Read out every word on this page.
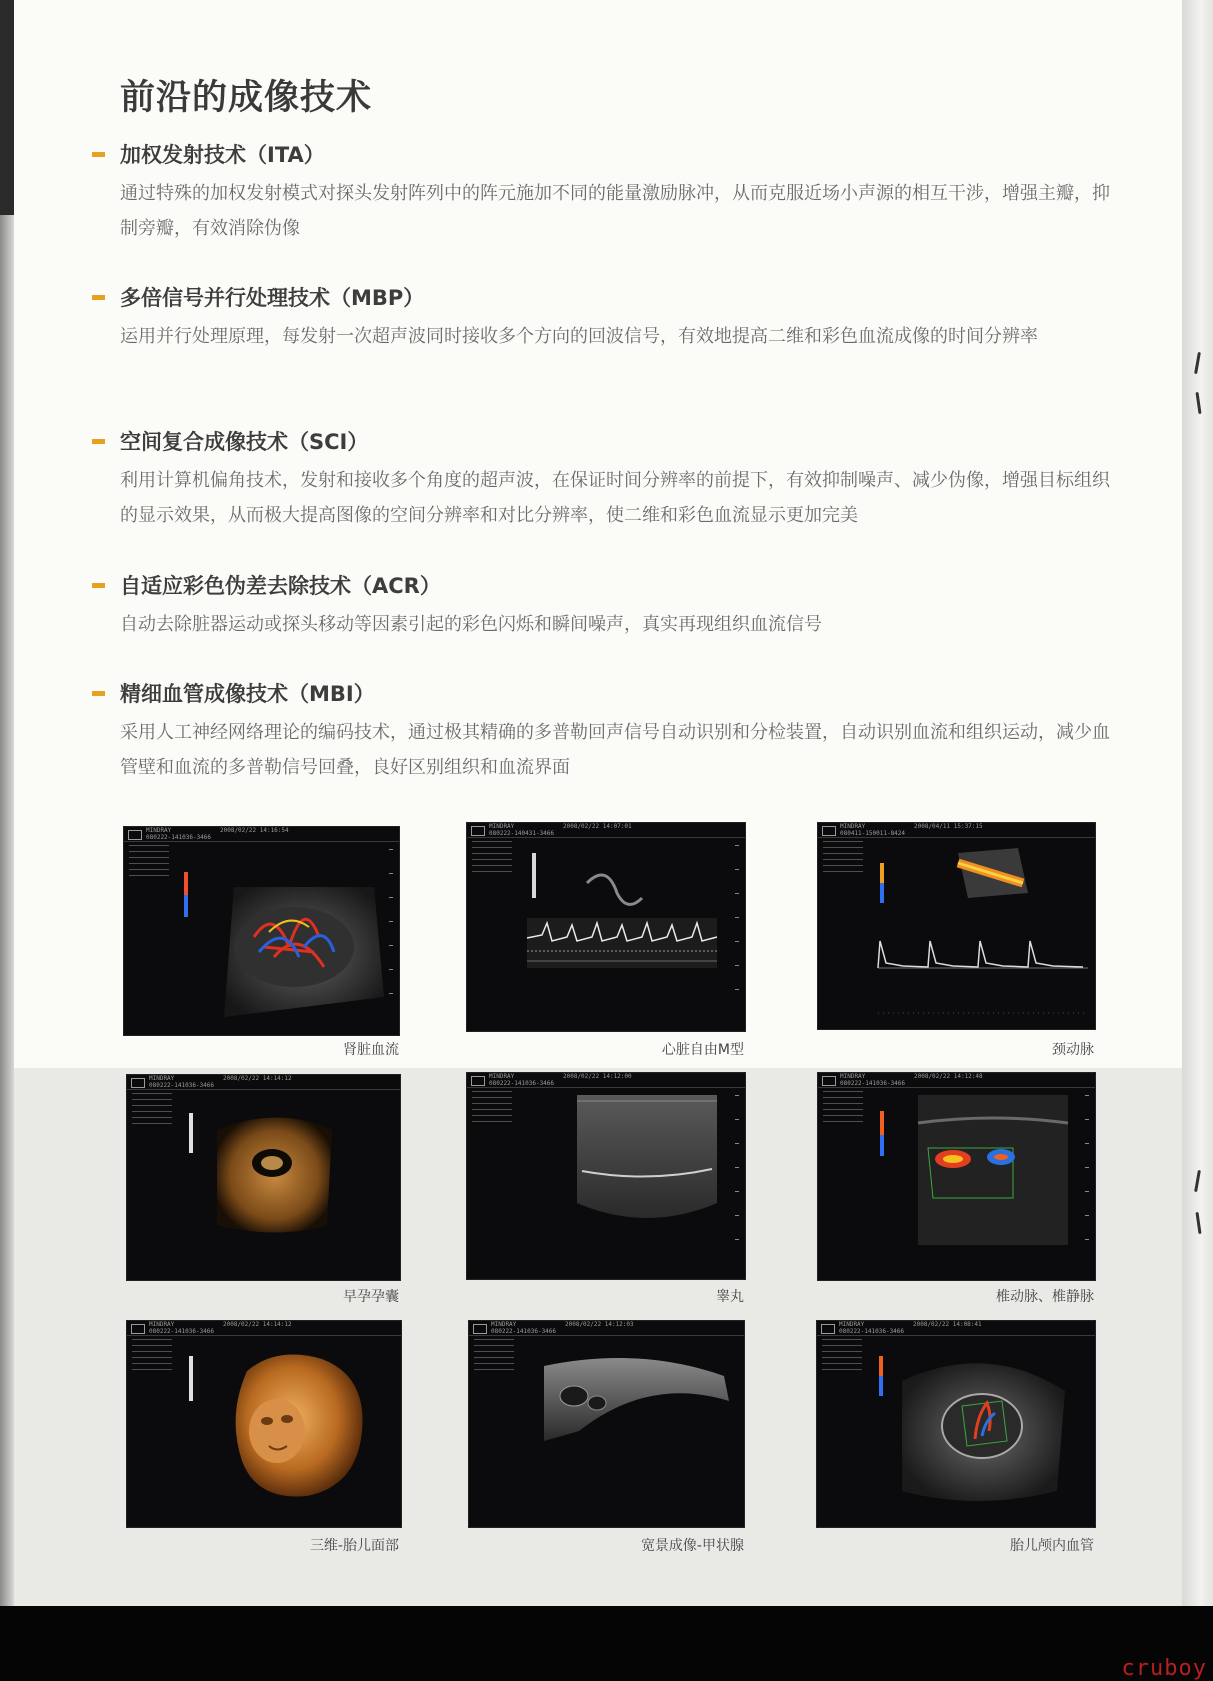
前沿的成像技术
加权发射技术（ITA）
通过特殊的加权发射模式对探头发射阵列中的阵元施加不同的能量激励脉冲，从而克服近场小声源的相互干涉，增强主瓣，抑制旁瓣，有效消除伪像
多倍信号并行处理技术（MBP）
运用并行处理原理，每发射一次超声波同时接收多个方向的回波信号，有效地提高二维和彩色血流成像的时间分辨率
空间复合成像技术（SCI）
利用计算机偏角技术，发射和接收多个角度的超声波，在保证时间分辨率的前提下，有效抑制噪声、减少伪像，增强目标组织的显示效果，从而极大提高图像的空间分辨率和对比分辨率，使二维和彩色血流显示更加完美
自适应彩色伪差去除技术（ACR）
自动去除脏器运动或探头移动等因素引起的彩色闪烁和瞬间噪声，真实再现组织血流信号
精细血管成像技术（MBI）
采用人工神经网络理论的编码技术，通过极其精确的多普勒回声信号自动识别和分检装置，自动识别血流和组织运动，减少血管壁和血流的多普勒信号回叠，良好区别组织和血流界面
MINDRAY
080222-141036-3466
2008/02/22 14:16:54
MINDRAY
080222-140431-3466
2008/02/22 14:07:01	MINDRAY
080411-150011-8424
2008/04/11 15:37:15
MINDRAY
080222-141036-3466
2008/02/22 14:14:12	MINDRAY
080222-141036-3466
2008/02/22 14:12:00	MINDRAY
080222-141036-3466
2008/02/22 14:12:48
MINDRAY
080222-141036-3466
2008/02/22 14:14:12	MINDRAY
080222-141036-3466
2008/02/22 14:12:03	MINDRAY
080222-141036-3466
2008/02/22 14:08:41
肾脏血流	心脏自由M型	颈动脉
早孕孕囊	睾丸	椎动脉、椎静脉
三维-胎儿面部	宽景成像-甲状腺	胎儿颅内血管
cruboy
